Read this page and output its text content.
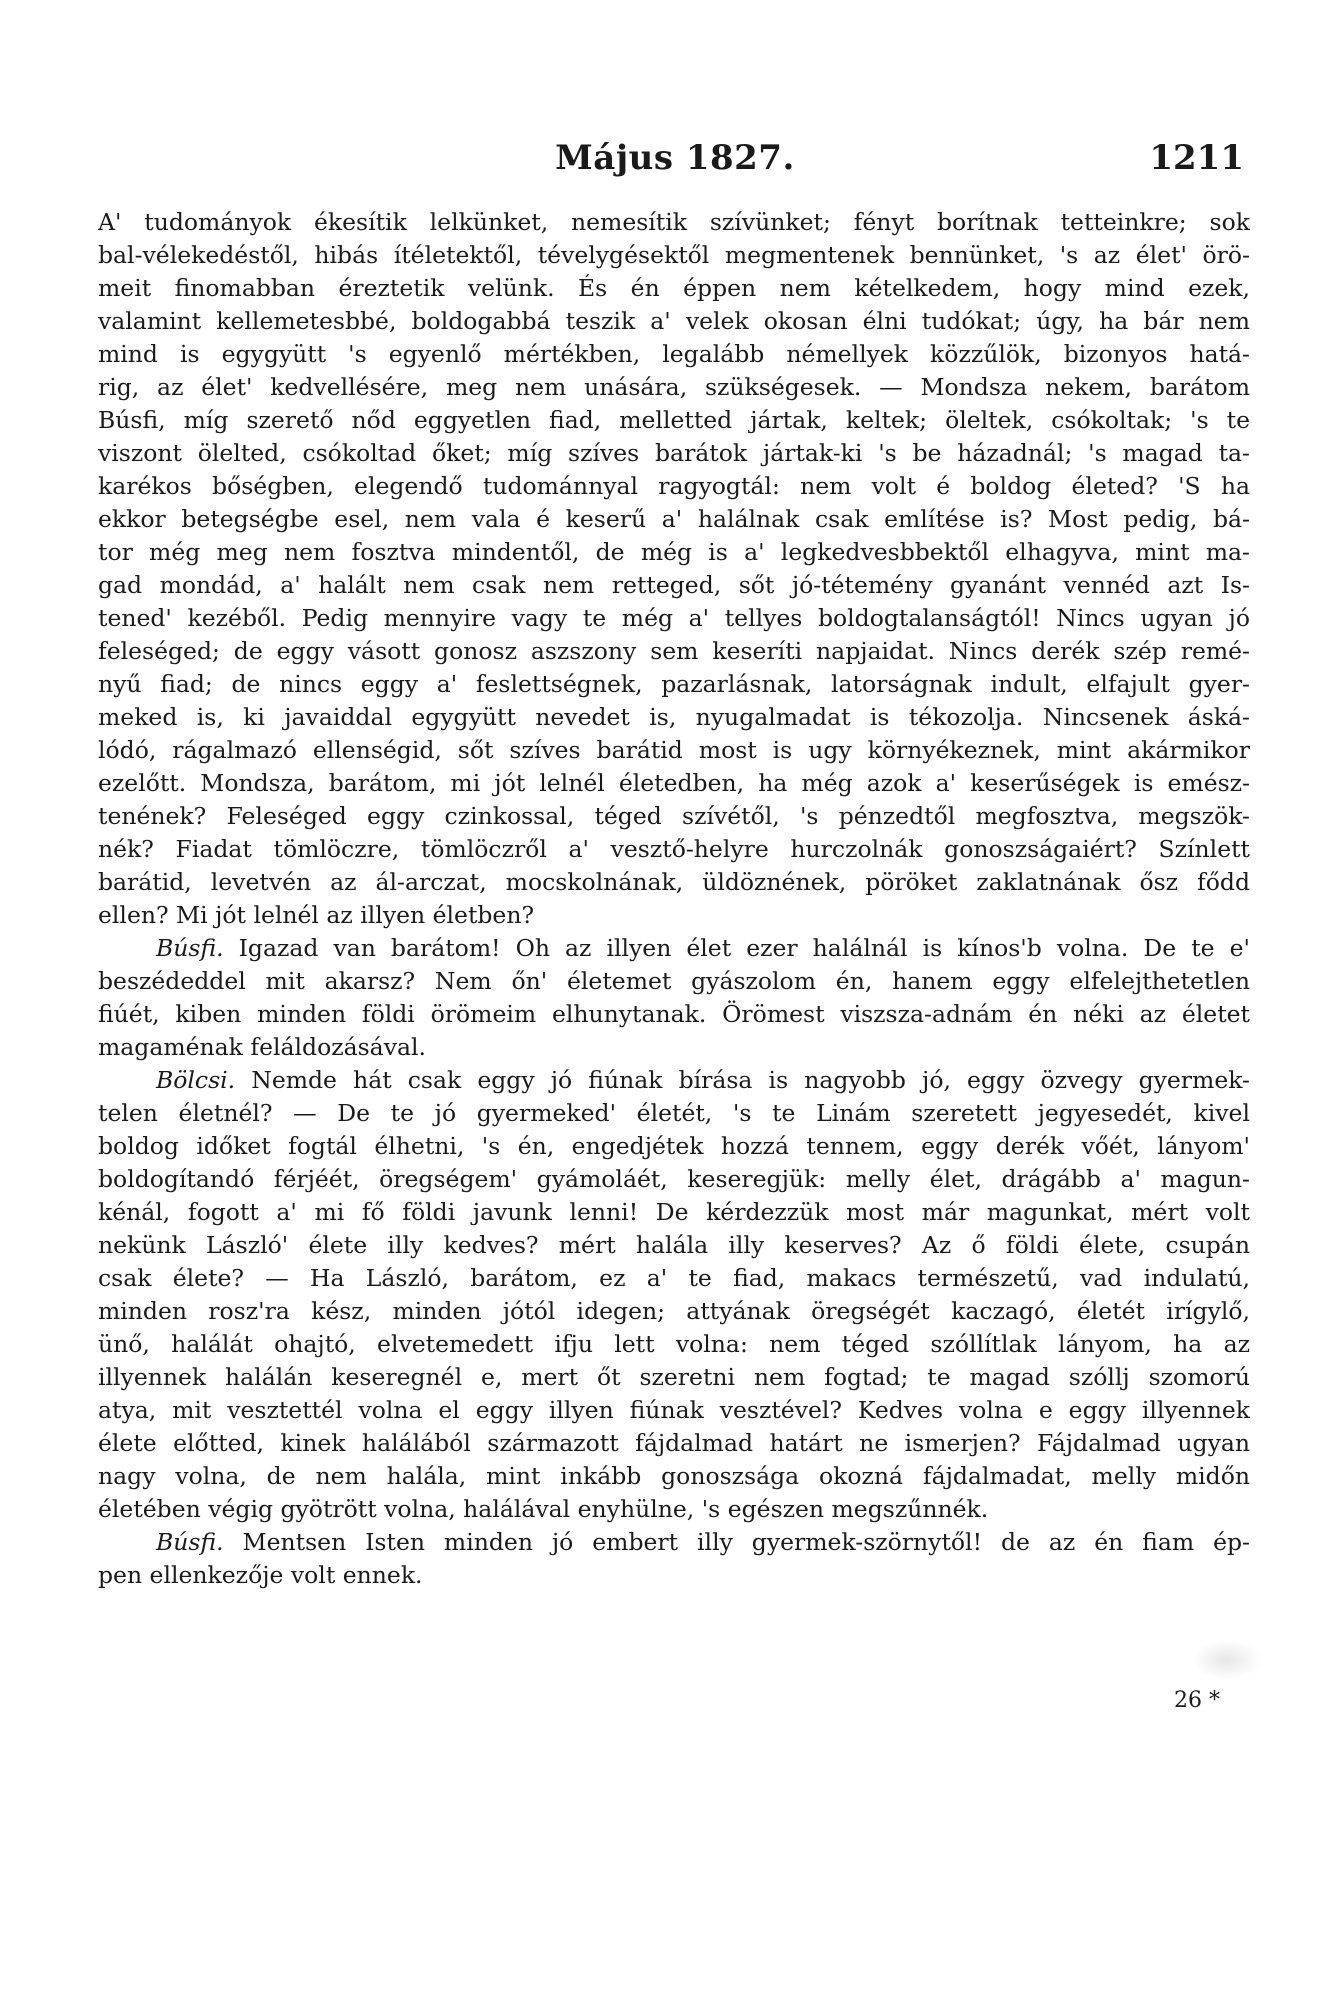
Május 1827.	1211
A' tudományok ékesítik lelkünket, nemesítik szívünket; fényt borítnak tetteinkre; sok
bal-vélekedéstől, hibás ítéletektől, tévelygésektől megmentenek bennünket, 's az élet' örö-
meit finomabban éreztetik velünk. És én éppen nem kételkedem, hogy mind ezek,
valamint kellemetesbbé, boldogabbá teszik a' velek okosan élni tudókat; úgy, ha bár nem
mind is egygyütt 's egyenlő mértékben, legalább némellyek közzűlök, bizonyos hatá-
rig, az élet' kedvellésére, meg nem unására, szükségesek. — Mondsza nekem, barátom
Búsfi, míg szerető nőd eggyetlen fiad, melletted jártak, keltek; öleltek, csókoltak; 's te
viszont ölelted, csókoltad őket; míg szíves barátok jártak-ki 's be házadnál; 's magad ta-
karékos bőségben, elegendő tudománnyal ragyogtál: nem volt é boldog életed? 'S ha
ekkor betegségbe esel, nem vala é keserű a' halálnak csak említése is? Most pedig, bá-
tor még meg nem fosztva mindentől, de még is a' legkedvesbbektől elhagyva, mint ma-
gad mondád, a' halált nem csak nem retteged, sőt jó-tétemény gyanánt vennéd azt Is-
tened' kezéből. Pedig mennyire vagy te még a' tellyes boldogtalanságtól! Nincs ugyan jó
feleséged; de eggy vásott gonosz aszszony sem keseríti napjaidat. Nincs derék szép remé-
nyű fiad; de nincs eggy a' feslettségnek, pazarlásnak, latorságnak indult, elfajult gyer-
meked is, ki javaiddal egygyütt nevedet is, nyugalmadat is tékozolja. Nincsenek áská-
lódó, rágalmazó ellenségid, sőt szíves barátid most is ugy környékeznek, mint akármikor
ezelőtt. Mondsza, barátom, mi jót lelnél életedben, ha még azok a' keserűségek is emész-
tenének? Feleséged eggy czinkossal, téged szívétől, 's pénzedtől megfosztva, megszök-
nék? Fiadat tömlöczre, tömlöczről a' vesztő-helyre hurczolnák gonoszságaiért? Színlett
barátid, levetvén az ál-arczat, mocskolnának, üldöznének, pöröket zaklatnának ősz fődd
ellen? Mi jót lelnél az illyen életben?
Búsfi. Igazad van barátom! Oh az illyen élet ezer halálnál is kínos'b volna. De te e'
beszédeddel mit akarsz? Nem őn' életemet gyászolom én, hanem eggy elfelejthetetlen
fiúét, kiben minden földi örömeim elhunytanak. Örömest viszsza-adnám én néki az életet
magaménak feláldozásával.
Bölcsi. Nemde hát csak eggy jó fiúnak bírása is nagyobb jó, eggy özvegy gyermek-
telen életnél? — De te jó gyermeked' életét, 's te Linám szeretett jegyesedét, kivel
boldog időket fogtál élhetni, 's én, engedjétek hozzá tennem, eggy derék vőét, lányom'
boldogítandó férjéét, öregségem' gyámoláét, keseregjük: melly élet, drágább a' magun-
kénál, fogott a' mi fő földi javunk lenni! De kérdezzük most már magunkat, mért volt
nekünk László' élete illy kedves? mért halála illy keserves? Az ő földi élete, csupán
csak élete? — Ha László, barátom, ez a' te fiad, makacs természetű, vad indulatú,
minden rosz'ra kész, minden jótól idegen; attyának öregségét kaczagó, életét irígylő,
ünő, halálát ohajtó, elvetemedett ifju lett volna: nem téged szóllítlak lányom, ha az
illyennek halálán keseregnél e, mert őt szeretni nem fogtad; te magad szóllj szomorú
atya, mit vesztettél volna el eggy illyen fiúnak vesztével? Kedves volna e eggy illyennek
élete előtted, kinek halálából származott fájdalmad határt ne ismerjen? Fájdalmad ugyan
nagy volna, de nem halála, mint inkább gonoszsága okozná fájdalmadat, melly midőn
életében végig gyötrött volna, halálával enyhülne, 's egészen megszűnnék.
Búsfi. Mentsen Isten minden jó embert illy gyermek-szörnytől! de az én fiam ép-
pen ellenkezője volt ennek.
26 *
